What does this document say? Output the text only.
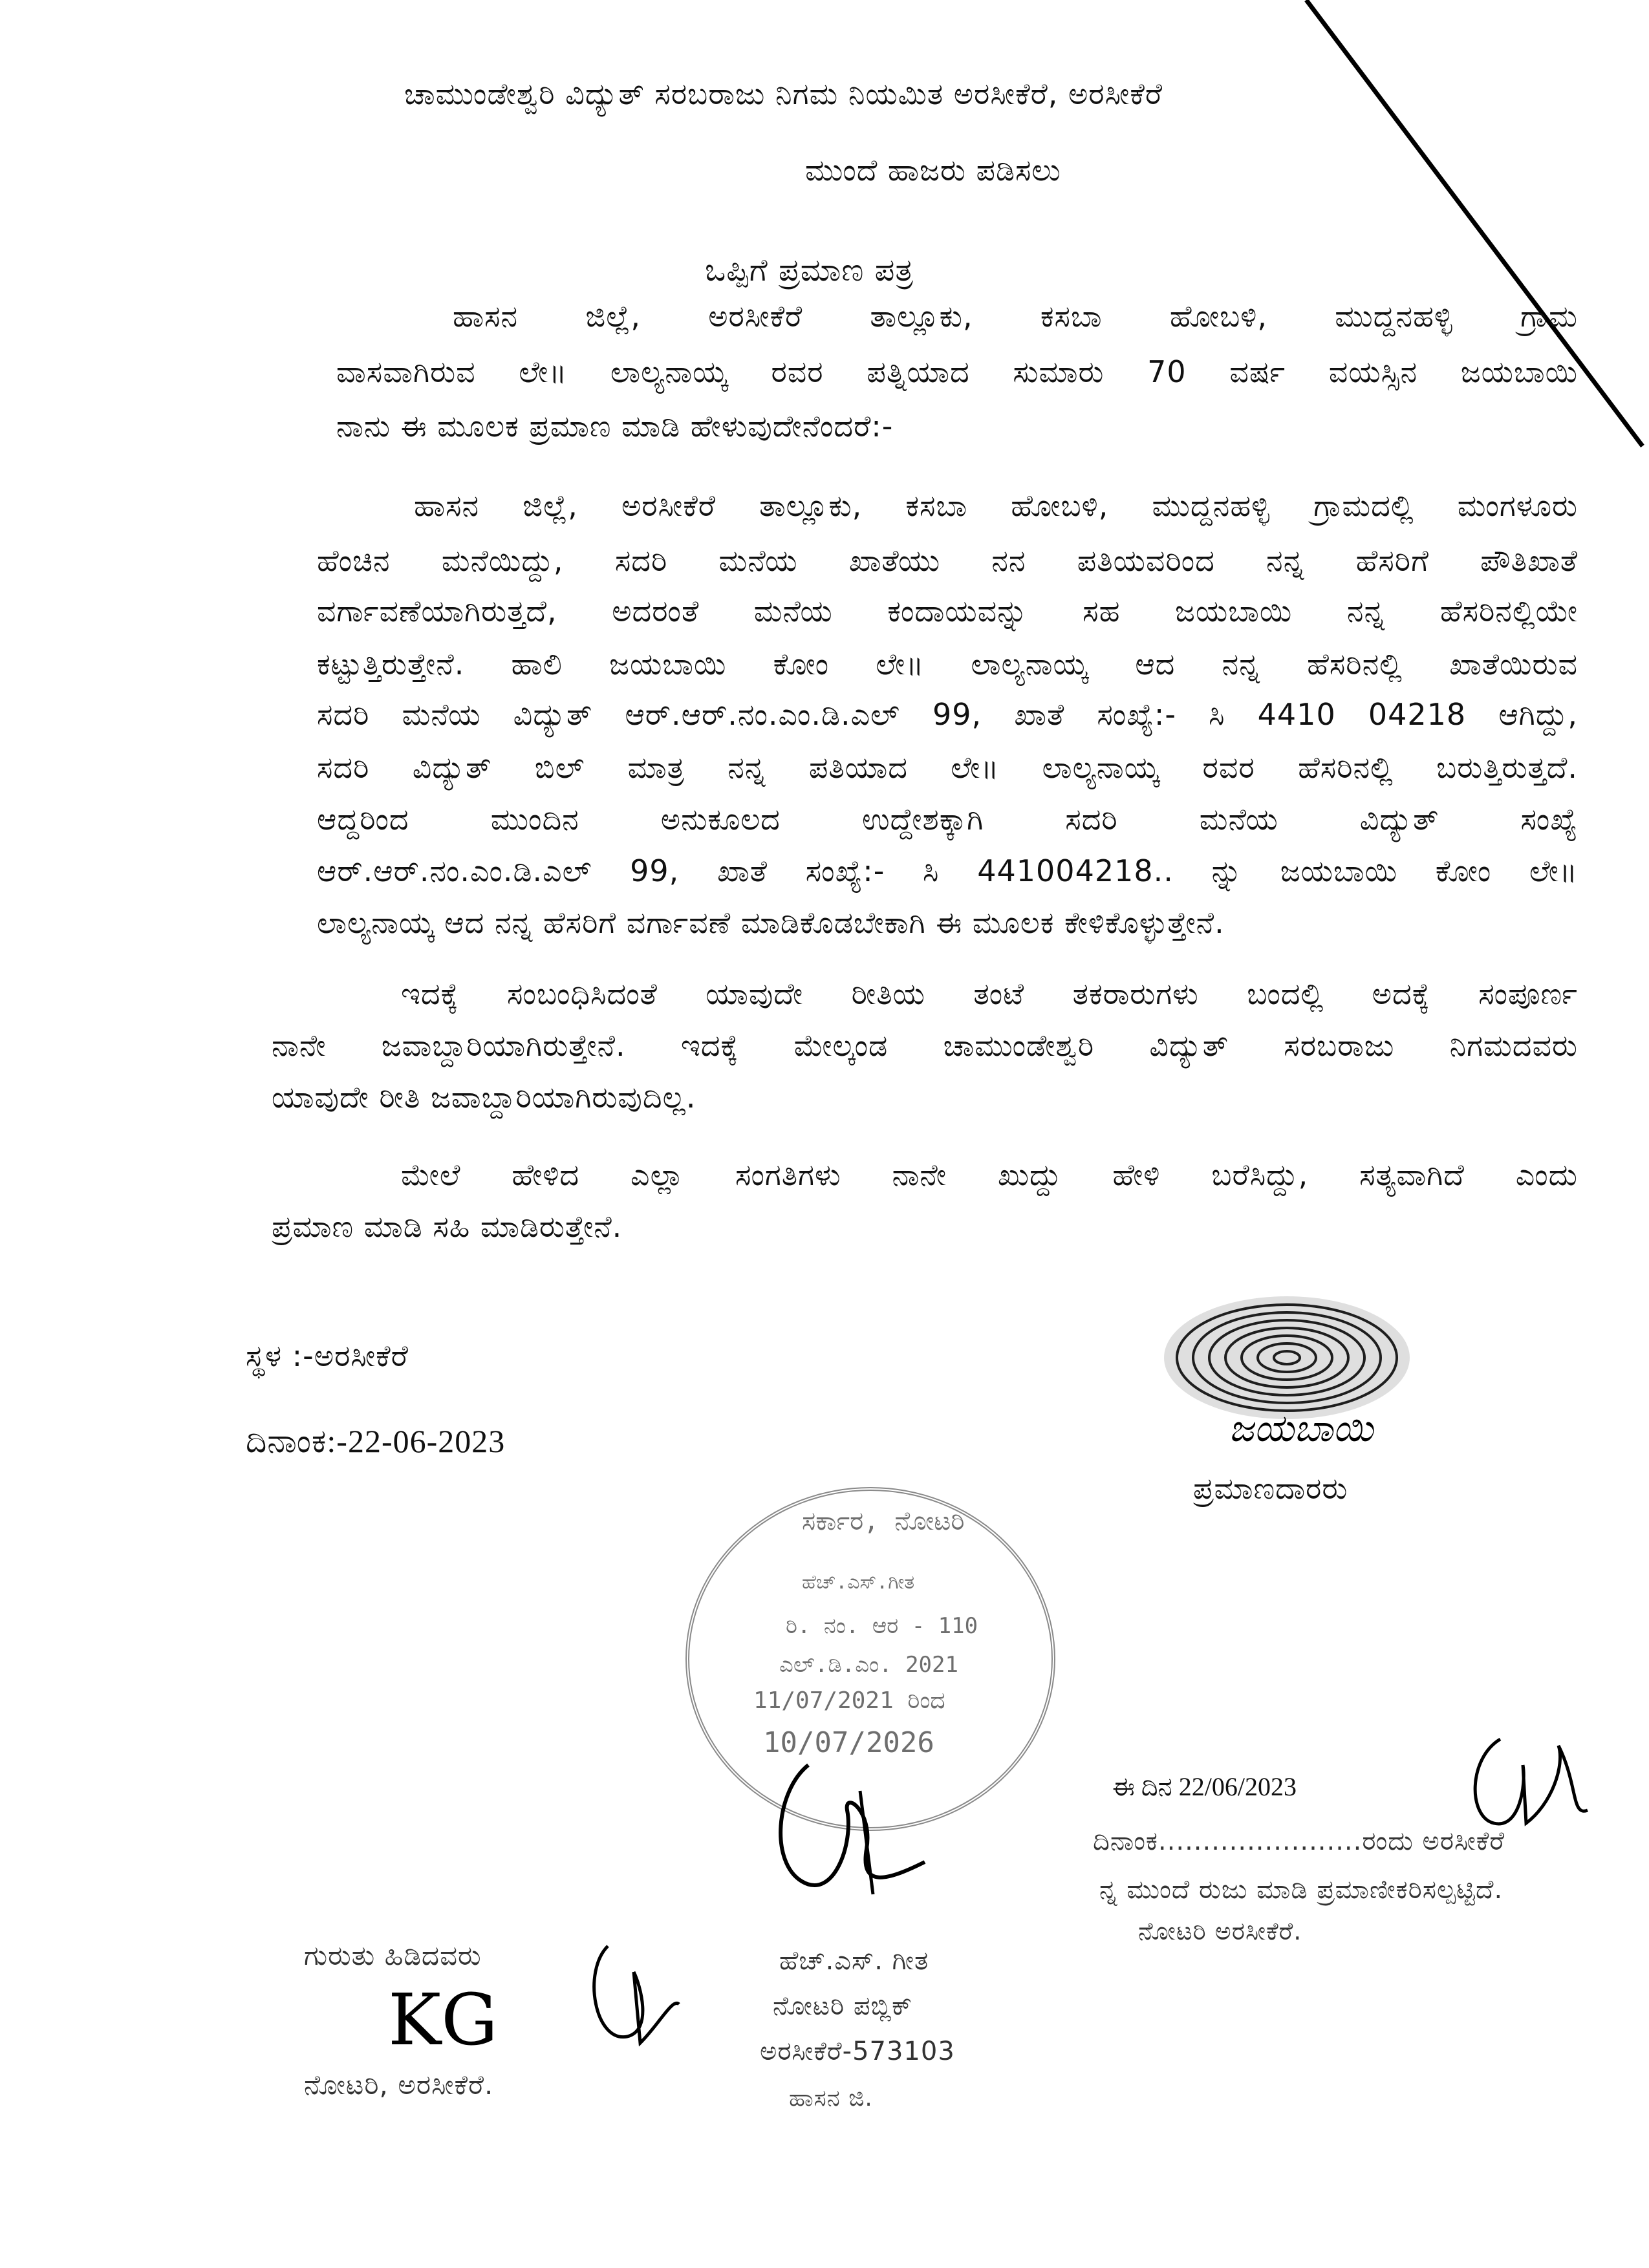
ಚಾಮುಂಡೇಶ್ವರಿ ವಿದ್ಯುತ್ ಸರಬರಾಜು ನಿಗಮ ನಿಯಮಿತ ಅರಸೀಕೆರೆ, ಅರಸೀಕೆರೆ
ಮುಂದೆ ಹಾಜರು ಪಡಿಸಲು
ಒಪ್ಪಿಗೆ ಪ್ರಮಾಣ ಪತ್ರ
ಹಾಸನ ಜಿಲ್ಲೆ, ಅರಸೀಕೆರೆ ತಾಲ್ಲೂಕು, ಕಸಬಾ ಹೋಬಳಿ, ಮುದ್ದನಹಳ್ಳಿ ಗ್ರಾಮ
ವಾಸವಾಗಿರುವ ಲೇ॥ ಲಾಲ್ಯನಾಯ್ಕ ರವರ ಪತ್ನಿಯಾದ ಸುಮಾರು 70 ವರ್ಷ ವಯಸ್ಸಿನ ಜಯಬಾಯಿ
ನಾನು ಈ ಮೂಲಕ ಪ್ರಮಾಣ ಮಾಡಿ ಹೇಳುವುದೇನೆಂದರೆ:-
ಹಾಸನ ಜಿಲ್ಲೆ, ಅರಸೀಕೆರೆ ತಾಲ್ಲೂಕು, ಕಸಬಾ ಹೋಬಳಿ, ಮುದ್ದನಹಳ್ಳಿ ಗ್ರಾಮದಲ್ಲಿ ಮಂಗಳೂರು
ಹೆಂಚಿನ ಮನೆಯಿದ್ದು, ಸದರಿ ಮನೆಯ ಖಾತೆಯು ನನ ಪತಿಯವರಿಂದ ನನ್ನ ಹೆಸರಿಗೆ ಪೌತಿಖಾತೆ
ವರ್ಗಾವಣೆಯಾಗಿರುತ್ತದೆ, ಅದರಂತೆ ಮನೆಯ ಕಂದಾಯವನ್ನು ಸಹ ಜಯಬಾಯಿ ನನ್ನ ಹೆಸರಿನಲ್ಲಿಯೇ
ಕಟ್ಟುತ್ತಿರುತ್ತೇನೆ. ಹಾಲಿ ಜಯಬಾಯಿ ಕೋಂ ಲೇ॥ ಲಾಲ್ಯನಾಯ್ಕ ಆದ ನನ್ನ ಹೆಸರಿನಲ್ಲಿ ಖಾತೆಯಿರುವ
ಸದರಿ ಮನೆಯ ವಿದ್ಯುತ್ ಆರ್.ಆರ್.ನಂ.ಎಂ.ಡಿ.ಎಲ್ 99, ಖಾತೆ ಸಂಖ್ಯೆ:- ಸಿ 4410 04218 ಆಗಿದ್ದು,
ಸದರಿ ವಿದ್ಯುತ್ ಬಿಲ್ ಮಾತ್ರ ನನ್ನ ಪತಿಯಾದ ಲೇ॥ ಲಾಲ್ಯನಾಯ್ಕ ರವರ ಹೆಸರಿನಲ್ಲಿ ಬರುತ್ತಿರುತ್ತದೆ.
ಆದ್ದರಿಂದ ಮುಂದಿನ ಅನುಕೂಲದ ಉದ್ದೇಶಕ್ಕಾಗಿ ಸದರಿ ಮನೆಯ ವಿದ್ಯುತ್ ಸಂಖ್ಯೆ
ಆರ್.ಆರ್.ನಂ.ಎಂ.ಡಿ.ಎಲ್ 99, ಖಾತೆ ಸಂಖ್ಯೆ:- ಸಿ 441004218.. ನ್ನು ಜಯಬಾಯಿ ಕೋಂ ಲೇ॥
ಲಾಲ್ಯನಾಯ್ಕ ಆದ ನನ್ನ ಹೆಸರಿಗೆ ವರ್ಗಾವಣೆ ಮಾಡಿಕೊಡಬೇಕಾಗಿ ಈ ಮೂಲಕ ಕೇಳಿಕೊಳ್ಳುತ್ತೇನೆ.
ಇದಕ್ಕೆ ಸಂಬಂಧಿಸಿದಂತೆ ಯಾವುದೇ ರೀತಿಯ ತಂಟೆ ತಕರಾರುಗಳು ಬಂದಲ್ಲಿ ಅದಕ್ಕೆ ಸಂಪೂರ್ಣ
ನಾನೇ ಜವಾಬ್ದಾರಿಯಾಗಿರುತ್ತೇನೆ. ಇದಕ್ಕೆ ಮೇಲ್ಕಂಡ ಚಾಮುಂಡೇಶ್ವರಿ ವಿದ್ಯುತ್ ಸರಬರಾಜು ನಿಗಮದವರು
ಯಾವುದೇ ರೀತಿ ಜವಾಬ್ದಾರಿಯಾಗಿರುವುದಿಲ್ಲ.
ಮೇಲೆ ಹೇಳಿದ ಎಲ್ಲಾ ಸಂಗತಿಗಳು ನಾನೇ ಖುದ್ದು ಹೇಳಿ ಬರೆಸಿದ್ದು, ಸತ್ಯವಾಗಿದೆ ಎಂದು
ಪ್ರಮಾಣ ಮಾಡಿ ಸಹಿ ಮಾಡಿರುತ್ತೇನೆ.
ಸ್ಥಳ :-ಅರಸೀಕೆರೆ
ದಿನಾಂಕ:-22-06-2023	ಜಯಬಾಯಿ
ಪ್ರಮಾಣದಾರರು
ಸರ್ಕಾರ, ನೋಟರಿ
ಹೆಚ್.ಎಸ್.ಗೀತ
ರಿ. ನಂ. ಆರ - 110
ಎಲ್.ಡಿ.ಎಂ. 2021
11/07/2021 ರಿಂದ
10/07/2026
ಈ ದಿನ 22/06/2023
ದಿನಾಂಕ.......................ರಂದು ಅರಸೀಕೆರೆ
ನ್ನ ಮುಂದೆ ರುಜು ಮಾಡಿ ಪ್ರಮಾಣೀಕರಿಸಲ್ಪಟ್ಟಿದೆ.
ನೋಟರಿ ಅರಸೀಕೆರೆ.
ಗುರುತು ಹಿಡಿದವರು
KG
ನೋಟರಿ, ಅರಸೀಕೆರೆ.
ಹೆಚ್.ಎಸ್. ಗೀತ
ನೋಟರಿ ಪಬ್ಲಿಕ್
ಅರಸೀಕೆರೆ-573103
ಹಾಸನ ಜಿ.
